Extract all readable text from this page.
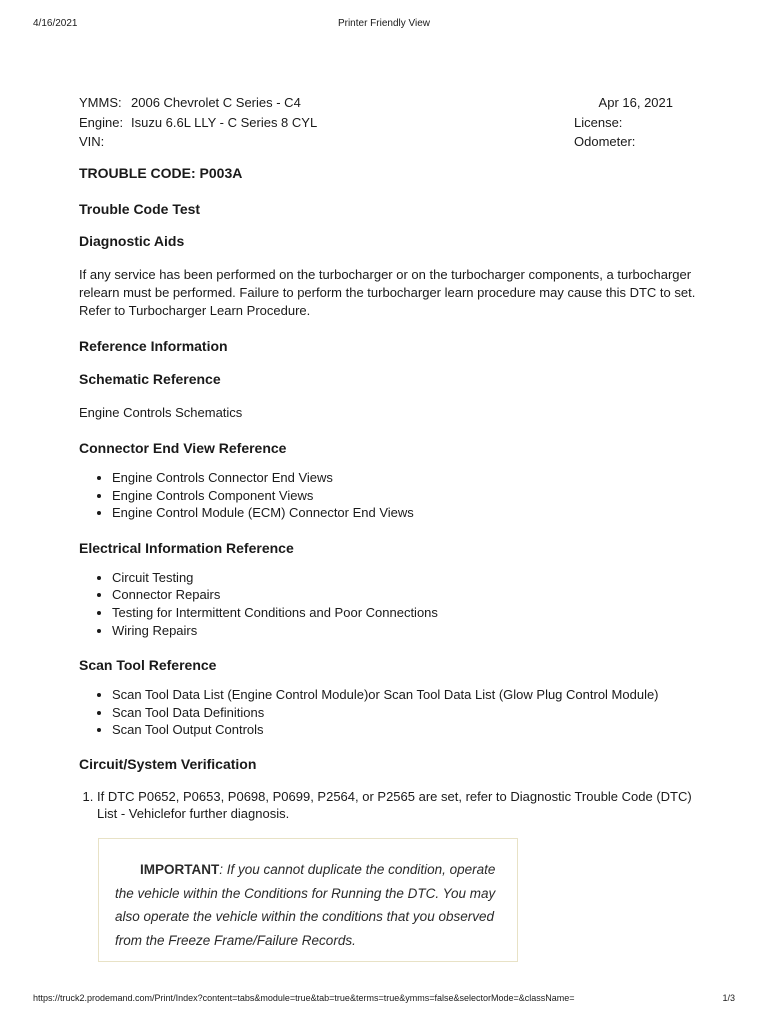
4/16/2021	Printer Friendly View
YMMS: 2006 Chevrolet C Series - C4
Engine: Isuzu 6.6L LLY - C Series 8 CYL
VIN:
Apr 16, 2021
License:
Odometer:
TROUBLE CODE: P003A
Trouble Code Test
Diagnostic Aids

If any service has been performed on the turbocharger or on the turbocharger components, a turbocharger relearn must be performed. Failure to perform the turbocharger learn procedure may cause this DTC to set. Refer to Turbocharger Learn Procedure.

Reference Information
Schematic Reference

Engine Controls Schematics

Connector End View Reference
• Engine Controls Connector End Views
• Engine Controls Component Views
• Engine Control Module (ECM) Connector End Views
Electrical Information Reference
• Circuit Testing
• Connector Repairs
• Testing for Intermittent Conditions and Poor Connections
• Wiring Repairs
Scan Tool Reference
• Scan Tool Data List (Engine Control Module)or Scan Tool Data List (Glow Plug Control Module)
• Scan Tool Data Definitions
• Scan Tool Output Controls
Circuit/System Verification
1. If DTC P0652, P0653, P0698, P0699, P2564, or P2565 are set, refer to Diagnostic Trouble Code (DTC) List - Vehiclefor further diagnosis.
IMPORTANT: If you cannot duplicate the condition, operate the vehicle within the Conditions for Running the DTC. You may also operate the vehicle within the conditions that you observed from the Freeze Frame/Failure Records.
https://truck2.prodemand.com/Print/Index?content=tabs&module=true&tab=true&terms=true&ymms=false&selectorMode=&className=	1/3
